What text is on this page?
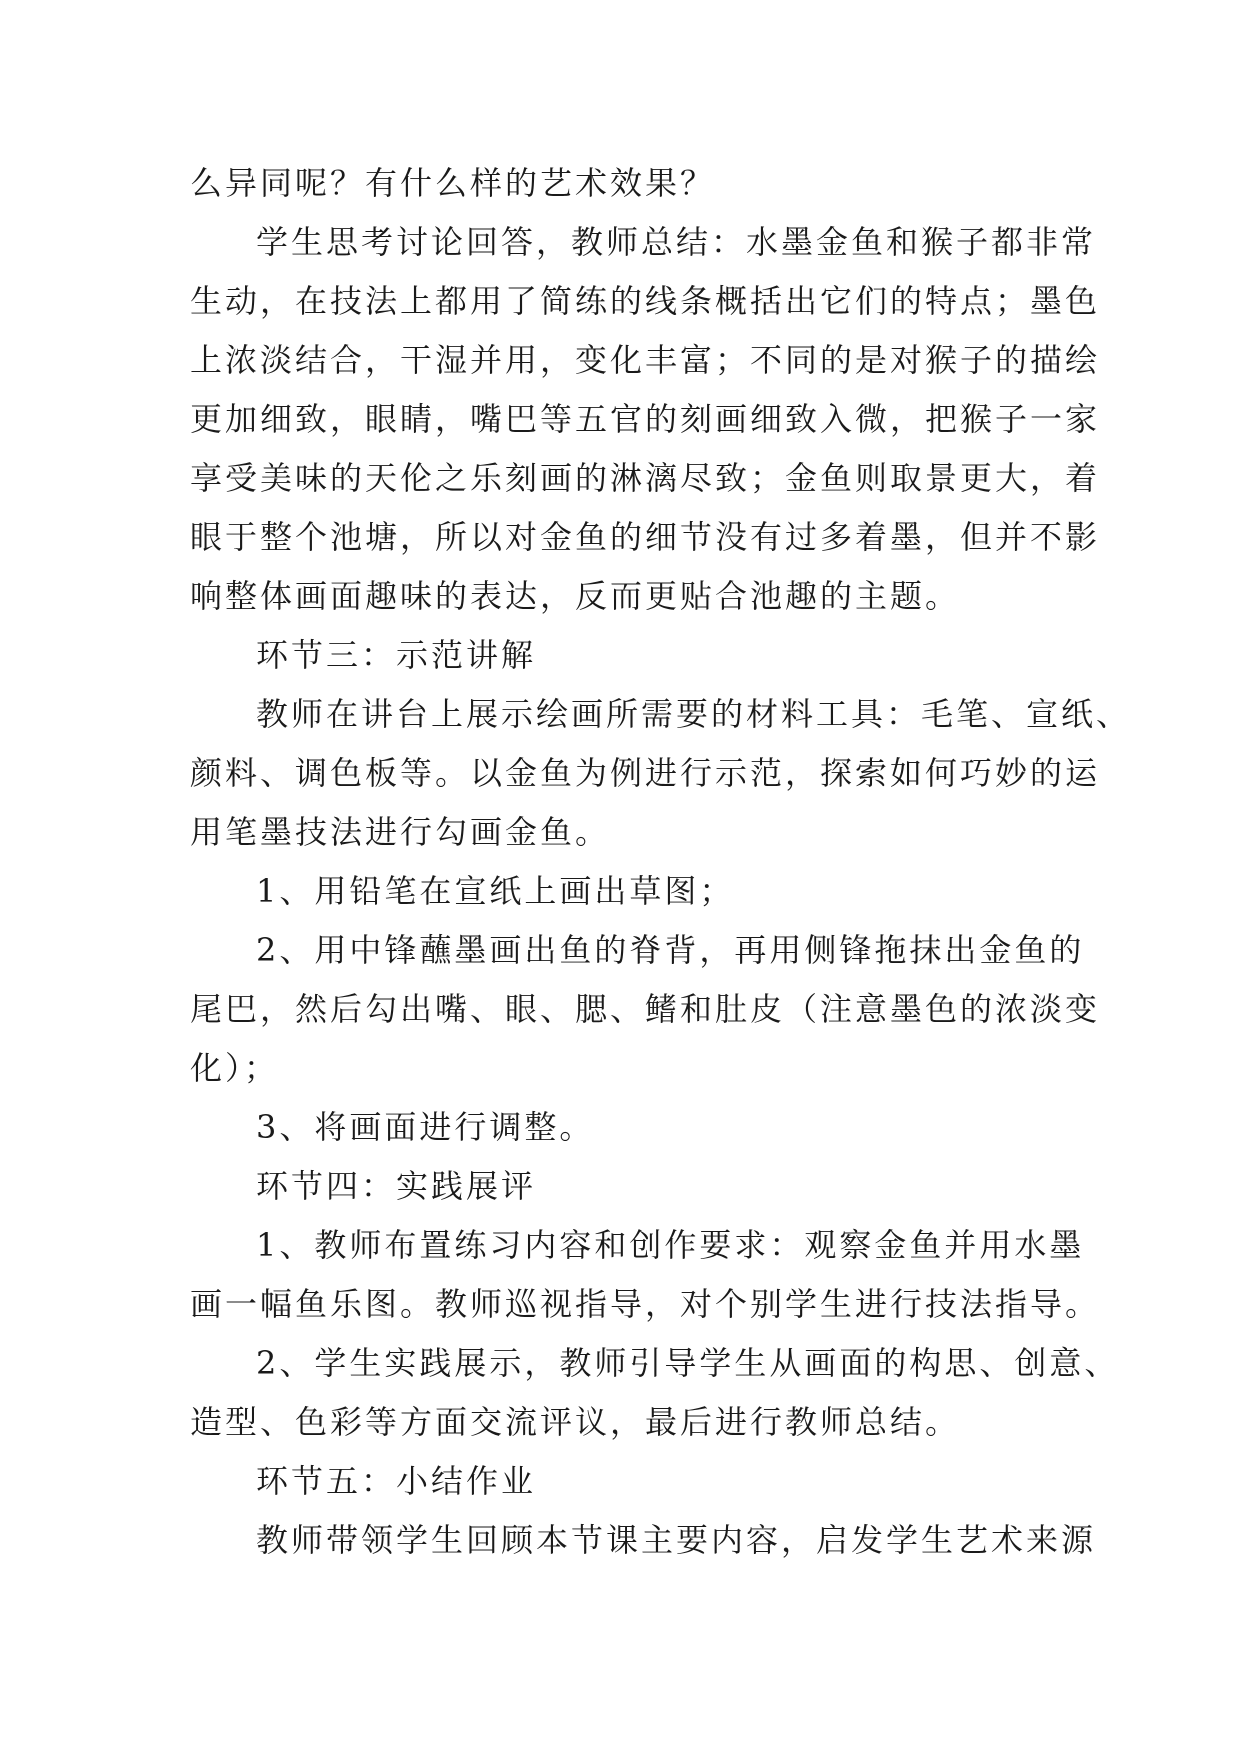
么异同呢？有什么样的艺术效果？
学生思考讨论回答，教师总结：水墨金鱼和猴子都非常
生动，在技法上都用了简练的线条概括出它们的特点；墨色
上浓淡结合，干湿并用，变化丰富；不同的是对猴子的描绘
更加细致，眼睛，嘴巴等五官的刻画细致入微，把猴子一家
享受美味的天伦之乐刻画的淋漓尽致；金鱼则取景更大，着
眼于整个池塘，所以对金鱼的细节没有过多着墨，但并不影
响整体画面趣味的表达，反而更贴合池趣的主题。
环节三：示范讲解
教师在讲台上展示绘画所需要的材料工具：毛笔、宣纸、
颜料、调色板等。以金鱼为例进行示范，探索如何巧妙的运
用笔墨技法进行勾画金鱼。
1、用铅笔在宣纸上画出草图；
2、用中锋蘸墨画出鱼的脊背，再用侧锋拖抹出金鱼的
尾巴，然后勾出嘴、眼、腮、鳍和肚皮（注意墨色的浓淡变
化）；
3、将画面进行调整。
环节四：实践展评
1、教师布置练习内容和创作要求：观察金鱼并用水墨
画一幅鱼乐图。教师巡视指导，对个别学生进行技法指导。
2、学生实践展示，教师引导学生从画面的构思、创意、
造型、色彩等方面交流评议，最后进行教师总结。
环节五：小结作业
教师带领学生回顾本节课主要内容，启发学生艺术来源
